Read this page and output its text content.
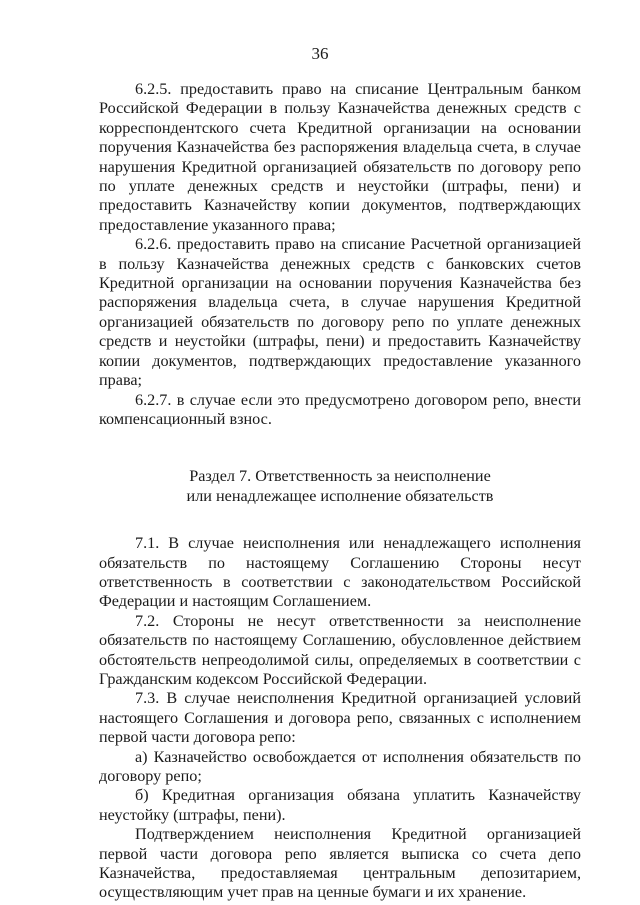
36

6.2.5. предоставить право на списание Центральным банком Российской Федерации в пользу Казначейства денежных средств с корреспондентского счета Кредитной организации на основании поручения Казначейства без распоряжения владельца счета, в случае нарушения Кредитной организацией обязательств по договору репо по уплате денежных средств и неустойки (штрафы, пени) и предоставить Казначейству копии документов, подтверждающих предоставление указанного права;

6.2.6. предоставить право на списание Расчетной организацией в пользу Казначейства денежных средств с банковских счетов Кредитной организации на основании поручения Казначейства без распоряжения владельца счета, в случае нарушения Кредитной организацией обязательств по договору репо по уплате денежных средств и неустойки (штрафы, пени) и предоставить Казначейству копии документов, подтверждающих предоставление указанного права;

6.2.7. в случае если это предусмотрено договором репо, внести компенсационный взнос.

Раздел 7. Ответственность за неисполнение

или ненадлежащее исполнение обязательств

7.1. В случае неисполнения или ненадлежащего исполнения обязательств по настоящему Соглашению Стороны несут ответственность в соответствии с законодательством Российской Федерации и настоящим Соглашением.

7.2. Стороны не несут ответственности за неисполнение обязательств по настоящему Соглашению, обусловленное действием обстоятельств непреодолимой силы, определяемых в соответствии с Гражданским кодексом Российской Федерации.

7.3. В случае неисполнения Кредитной организацией условий настоящего Соглашения и договора репо, связанных с исполнением первой части договора репо:

а) Казначейство освобождается от исполнения обязательств по договору репо;

б) Кредитная организация обязана уплатить Казначейству неустойку (штрафы, пени).

Подтверждением неисполнения Кредитной организацией первой части договора репо является выписка со счета депо Казначейства, предоставляемая центральным депозитарием, осуществляющим учет прав на ценные бумаги и их хранение.
